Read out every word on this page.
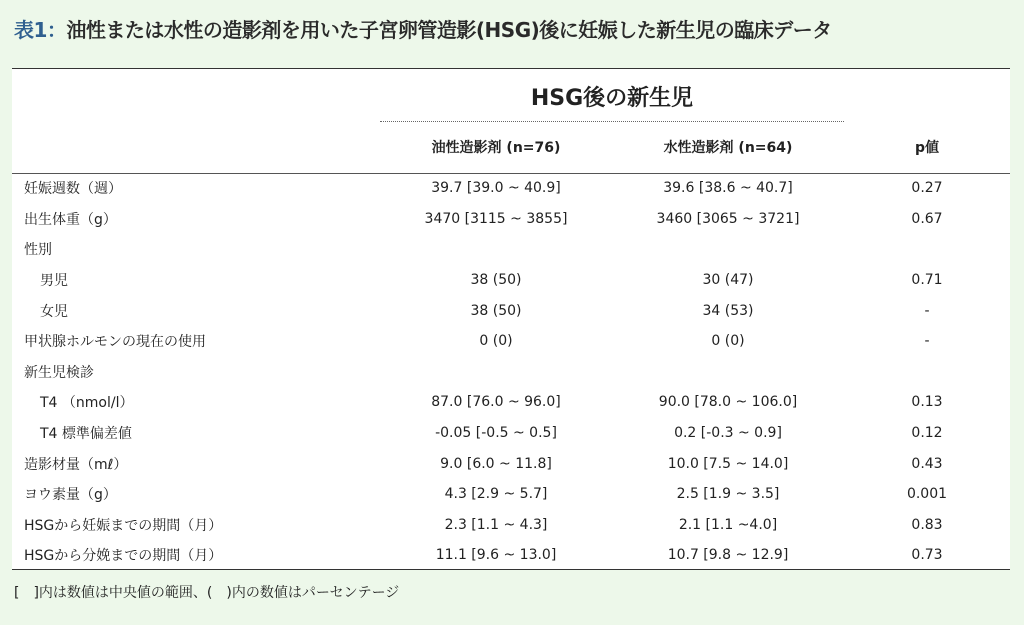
表1：油性または水性の造影剤を用いた子宮卵管造影(HSG)後に妊娠した新生児の臨床データ
HSG後の新生児
油性造影剤 (n=76)	水性造影剤 (n=64)	p値
妊娠週数（週）	39.7 [39.0 ~ 40.9]	39.6 [38.6 ~ 40.7]	0.27
出生体重（g）	3470 [3115 ~ 3855]	3460 [3065 ~ 3721]	0.67
性別
男児	38 (50)	30 (47)	0.71
女児	38 (50)	34 (53)	-
甲状腺ホルモンの現在の使用	0 (0)	0 (0)	-
新生児検診
T4 （nmol/l）	87.0 [76.0 ~ 96.0]	90.0 [78.0 ~ 106.0]	0.13
T4 標準偏差値	-0.05 [-0.5 ~ 0.5]	0.2 [-0.3 ~ 0.9]	0.12
造影材量（mℓ）	9.0 [6.0 ~ 11.8]	10.0 [7.5 ~ 14.0]	0.43
ヨウ素量（g）	4.3 [2.9 ~ 5.7]	2.5 [1.9 ~ 3.5]	0.001
HSGから妊娠までの期間（月）	2.3 [1.1 ~ 4.3]	2.1 [1.1 ~4.0]	0.83
HSGから分娩までの期間（月）	11.1 [9.6 ~ 13.0]	10.7 [9.8 ~ 12.9]	0.73
[　]内は数値は中央値の範囲、(　)内の数値はパーセンテージ
